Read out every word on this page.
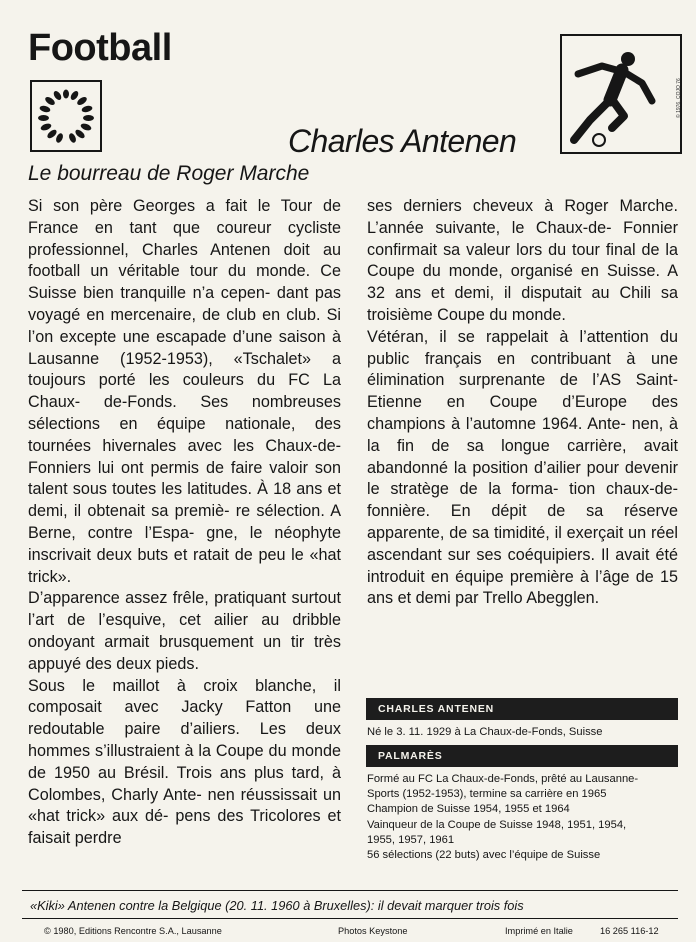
Football
© 1976, COJO 76
Charles Antenen
Le bourreau de Roger Marche

Si son père Georges a fait le Tour de France en tant que coureur cycliste professionnel, Charles Antenen doit au football un véritable tour du monde. Ce Suisse bien tranquille n’a cepen- dant pas voyagé en mercenaire, de club en club. Si l’on excepte une escapade d’une saison à Lausanne (1952-1953), «Tschalet» a toujours porté les couleurs du FC La Chaux- de-Fonds. Ses nombreuses sélections en équipe nationale, des tournées hivernales avec les Chaux-de- Fonniers lui ont permis de faire valoir son talent sous toutes les latitudes. À 18 ans et demi, il obtenait sa premiè- re sélection. A Berne, contre l’Espa- gne, le néophyte inscrivait deux buts et ratait de peu le «hat trick».

D’apparence assez frêle, pratiquant surtout l’art de l’esquive, cet ailier au dribble ondoyant armait brusquement un tir très appuyé des deux pieds.

Sous le maillot à croix blanche, il composait avec Jacky Fatton une redoutable paire d’ailiers. Les deux hommes s’illustraient à la Coupe du monde de 1950 au Brésil. Trois ans plus tard, à Colombes, Charly Ante- nen réussissait un «hat trick» aux dé- pens des Tricolores et faisait perdre

ses derniers cheveux à Roger Marche. L’année suivante, le Chaux-de- Fonnier confirmait sa valeur lors du tour final de la Coupe du monde, organisé en Suisse. A 32 ans et demi, il disputait au Chili sa troisième Coupe du monde.

Vétéran, il se rappelait à l’attention du public français en contribuant à une élimination surprenante de l’AS Saint-Etienne en Coupe d’Europe des champions à l’automne 1964. Ante- nen, à la fin de sa longue carrière, avait abandonné la position d’ailier pour devenir le stratège de la forma- tion chaux-de-fonnière. En dépit de sa réserve apparente, de sa timidité, il exerçait un réel ascendant sur ses coéquipiers. Il avait été introduit en équipe première à l’âge de 15 ans et demi par Trello Abegglen.

CHARLES ANTENEN
Né le 3. 11. 1929 à La Chaux-de-Fonds, Suisse
PALMARÈS
Formé au FC La Chaux-de-Fonds, prêté au Lausanne-
Sports (1952-1953), termine sa carrière en 1965
Champion de Suisse 1954, 1955 et 1964
Vainqueur de la Coupe de Suisse 1948, 1951, 1954,
1955, 1957, 1961
56 sélections (22 buts) avec l’équipe de Suisse
«Kiki» Antenen contre la Belgique (20. 11. 1960 à Bruxelles): il devait marquer trois fois
© 1980, Editions Rencontre S.A., Lausanne	Photos Keystone	Imprimé en Italie	16 265 116-12
